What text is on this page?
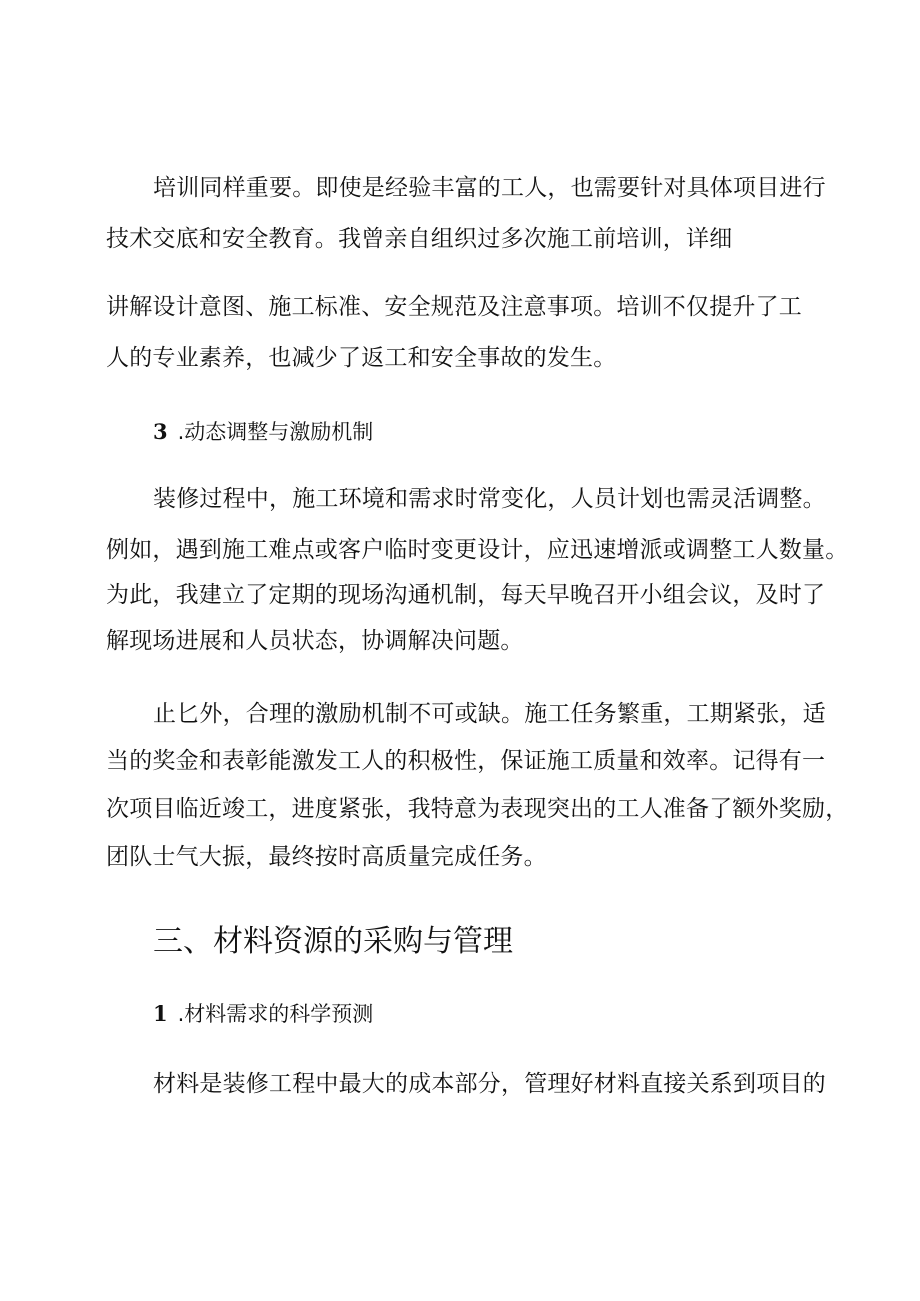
培训同样重要。即使是经验丰富的工人，也需要针对具体项目进行

技术交底和安全教育。我曾亲自组织过多次施工前培训，详细

讲解设计意图、施工标准、安全规范及注意事项。培训不仅提升了工

人的专业素养，也减少了返工和安全事故的发生。

3 .动态调整与激励机制

装修过程中，施工环境和需求时常变化，人员计划也需灵活调整。

例如，遇到施工难点或客户临时变更设计，应迅速增派或调整工人数量。

为此，我建立了定期的现场沟通机制，每天早晚召开小组会议，及时了

解现场进展和人员状态，协调解决问题。

止匕外，合理的激励机制不可或缺。施工任务繁重，工期紧张，适

当的奖金和表彰能激发工人的积极性，保证施工质量和效率。记得有一

次项目临近竣工，进度紧张，我特意为表现突出的工人准备了额外奖励，

团队士气大振，最终按时高质量完成任务。

三、材料资源的采购与管理
1 .材料需求的科学预测

材料是装修工程中最大的成本部分，管理好材料直接关系到项目的
